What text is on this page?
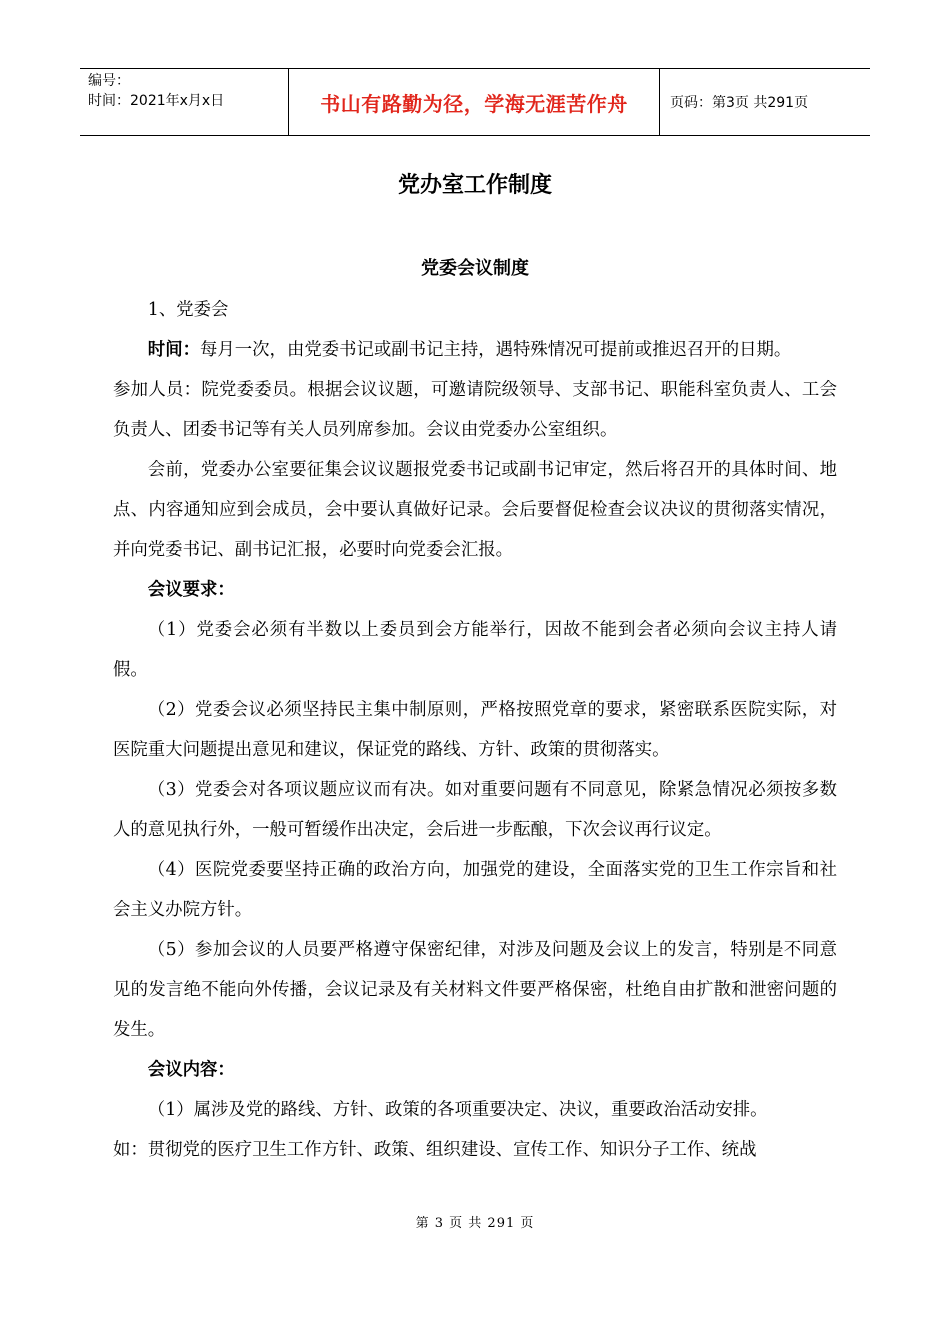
编号：
时间：2021年x月x日	书山有路勤为径，学海无涯苦作舟	页码：第3页 共291页
党办室工作制度
党委会议制度

1、党委会

时间：每月一次，由党委书记或副书记主持，遇特殊情况可提前或推迟召开的日期。

参加人员：院党委委员。根据会议议题，可邀请院级领导、支部书记、职能科室负责人、工会负责人、团委书记等有关人员列席参加。会议由党委办公室组织。

会前，党委办公室要征集会议议题报党委书记或副书记审定，然后将召开的具体时间、地点、内容通知应到会成员，会中要认真做好记录。会后要督促检查会议决议的贯彻落实情况，并向党委书记、副书记汇报，必要时向党委会汇报。

会议要求：

（1）党委会必须有半数以上委员到会方能举行，因故不能到会者必须向会议主持人请假。

（2）党委会议必须坚持民主集中制原则，严格按照党章的要求，紧密联系医院实际，对医院重大问题提出意见和建议，保证党的路线、方针、政策的贯彻落实。

（3）党委会对各项议题应议而有决。如对重要问题有不同意见，除紧急情况必须按多数人的意见执行外，一般可暂缓作出决定，会后进一步酝酿，下次会议再行议定。

（4）医院党委要坚持正确的政治方向，加强党的建设，全面落实党的卫生工作宗旨和社会主义办院方针。

（5）参加会议的人员要严格遵守保密纪律，对涉及问题及会议上的发言，特别是不同意见的发言绝不能向外传播，会议记录及有关材料文件要严格保密，杜绝自由扩散和泄密问题的发生。

会议内容：

（1）属涉及党的路线、方针、政策的各项重要决定、决议，重要政治活动安排。

如：贯彻党的医疗卫生工作方针、政策、组织建设、宣传工作、知识分子工作、统战

第 3 页 共 291 页
